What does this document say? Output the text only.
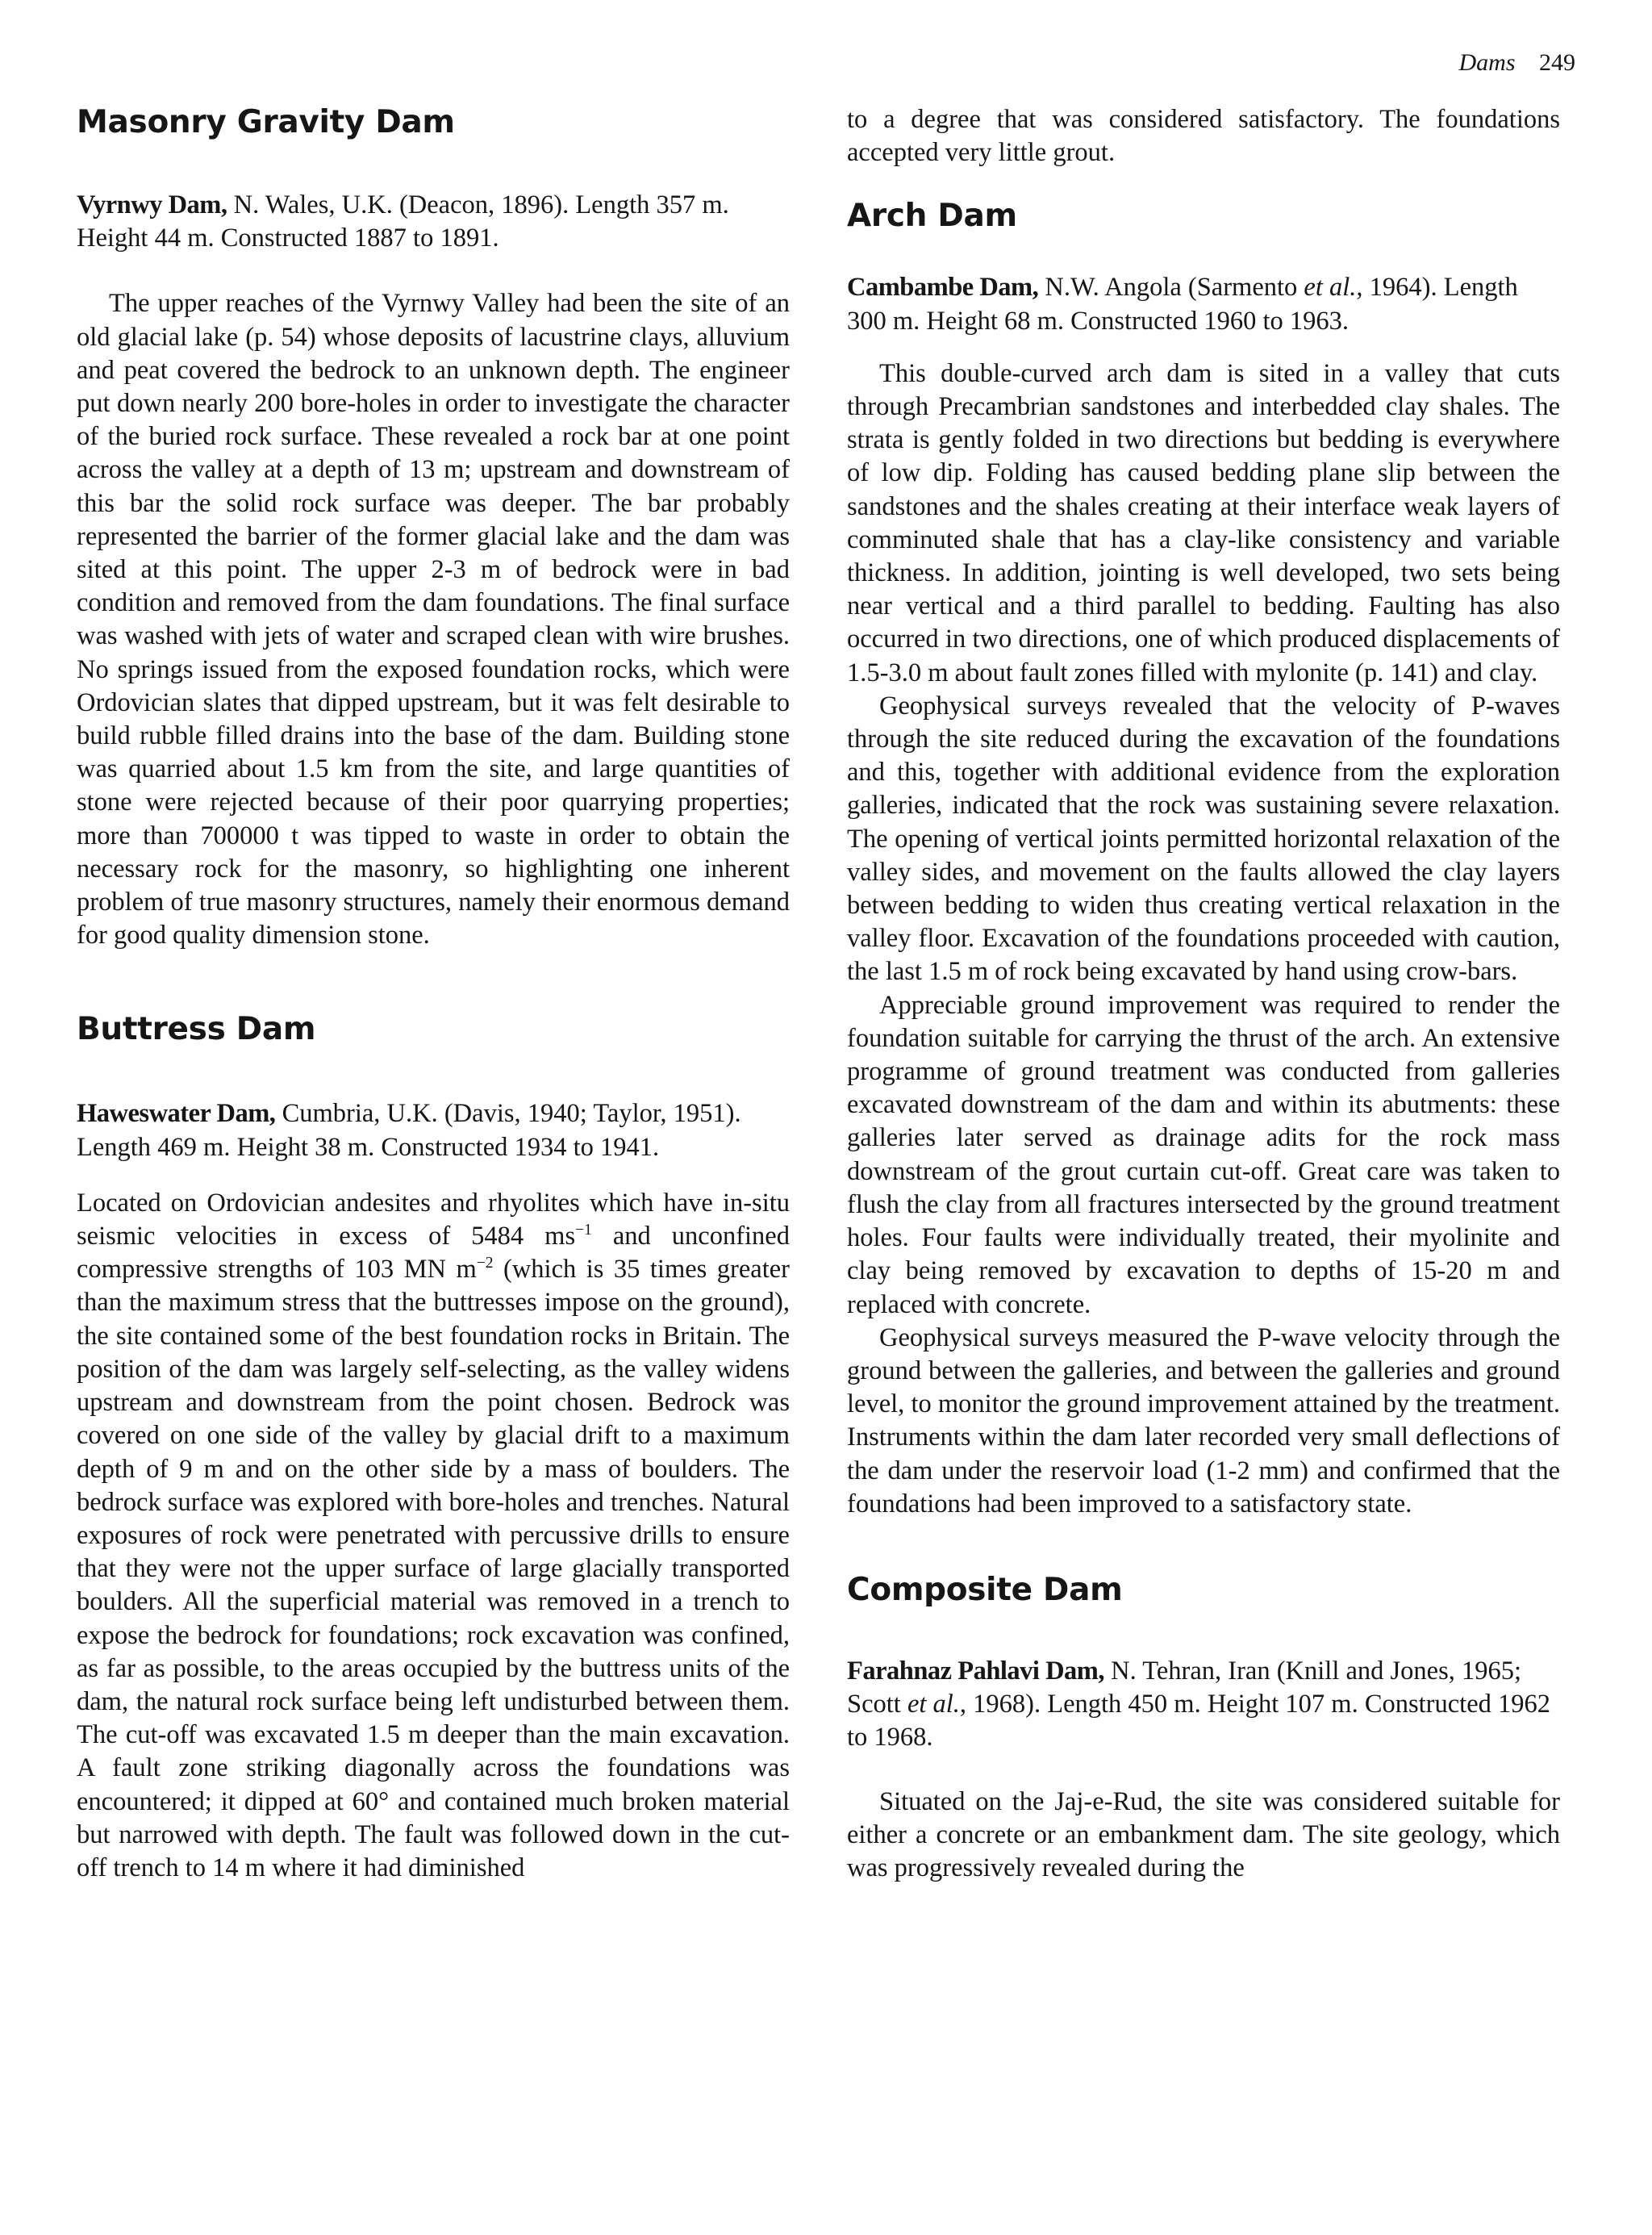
Dams 249
Masonry Gravity Dam

Vyrnwy Dam, N. Wales, U.K. (Deacon, 1896). Length 357 m. Height 44 m. Constructed 1887 to 1891.

The upper reaches of the Vyrnwy Valley had been the site of an old glacial lake (p. 54) whose deposits of lacustrine clays, alluvium and peat covered the bedrock to an unknown depth. The engineer put down nearly 200 bore-holes in order to investigate the character of the buried rock surface. These revealed a rock bar at one point across the valley at a depth of 13 m; upstream and downstream of this bar the solid rock surface was deeper. The bar probably represented the barrier of the former glacial lake and the dam was sited at this point. The upper 2-3 m of bedrock were in bad condition and removed from the dam foundations. The final surface was washed with jets of water and scraped clean with wire brushes. No springs issued from the exposed foundation rocks, which were Ordovician slates that dipped upstream, but it was felt desirable to build rubble filled drains into the base of the dam. Building stone was quarried about 1.5 km from the site, and large quantities of stone were rejected because of their poor quarrying properties; more than 700000 t was tipped to waste in order to obtain the necessary rock for the masonry, so highlighting one inherent problem of true masonry structures, namely their enormous demand for good quality dimension stone.

Buttress Dam

Haweswater Dam, Cumbria, U.K. (Davis, 1940; Taylor, 1951). Length 469 m. Height 38 m. Constructed 1934 to 1941.

Located on Ordovician andesites and rhyolites which have in-situ seismic velocities in excess of 5484 $ms^{-1}$ and unconfined compressive strengths of 103 MN $m^{-2}$ (which is 35 times greater than the maximum stress that the buttresses impose on the ground), the site contained some of the best foundation rocks in Britain. The position of the dam was largely self-selecting, as the valley widens upstream and downstream from the point chosen. Bedrock was covered on one side of the valley by glacial drift to a maximum depth of 9 m and on the other side by a mass of boulders. The bedrock surface was explored with bore-holes and trenches. Natural exposures of rock were penetrated with percussive drills to ensure that they were not the upper surface of large glacially transported boulders. All the superficial material was removed in a trench to expose the bedrock for foundations; rock excavation was confined, as far as possible, to the areas occupied by the buttress units of the dam, the natural rock surface being left undisturbed between them. The cut-off was excavated 1.5 m deeper than the main excavation. A fault zone striking diagonally across the foundations was encountered; it dipped at 60° and contained much broken material but narrowed with depth. The fault was followed down in the cut-off trench to 14 m where it had diminished

to a degree that was considered satisfactory. The foundations accepted very little grout.

Arch Dam

Cambambe Dam, N.W. Angola (Sarmento et al., 1964). Length 300 m. Height 68 m. Constructed 1960 to 1963.

This double-curved arch dam is sited in a valley that cuts through Precambrian sandstones and interbedded clay shales. The strata is gently folded in two directions but bedding is everywhere of low dip. Folding has caused bedding plane slip between the sandstones and the shales creating at their interface weak layers of comminuted shale that has a clay-like consistency and variable thickness. In addition, jointing is well developed, two sets being near vertical and a third parallel to bedding. Faulting has also occurred in two directions, one of which produced displacements of 1.5-3.0 m about fault zones filled with mylonite (p. 141) and clay.

Geophysical surveys revealed that the velocity of P-waves through the site reduced during the excavation of the foundations and this, together with additional evidence from the exploration galleries, indicated that the rock was sustaining severe relaxation. The opening of vertical joints permitted horizontal relaxation of the valley sides, and movement on the faults allowed the clay layers between bedding to widen thus creating vertical relaxation in the valley floor. Excavation of the foundations proceeded with caution, the last 1.5 m of rock being excavated by hand using crow-bars.

Appreciable ground improvement was required to render the foundation suitable for carrying the thrust of the arch. An extensive programme of ground treatment was conducted from galleries excavated downstream of the dam and within its abutments: these galleries later served as drainage adits for the rock mass downstream of the grout curtain cut-off. Great care was taken to flush the clay from all fractures intersected by the ground treatment holes. Four faults were individually treated, their myolinite and clay being removed by excavation to depths of 15-20 m and replaced with concrete.

Geophysical surveys measured the P-wave velocity through the ground between the galleries, and between the galleries and ground level, to monitor the ground improvement attained by the treatment. Instruments within the dam later recorded very small deflections of the dam under the reservoir load (1-2 mm) and confirmed that the foundations had been improved to a satisfactory state.

Composite Dam

Farahnaz Pahlavi Dam, N. Tehran, Iran (Knill and Jones, 1965; Scott et al., 1968). Length 450 m. Height 107 m. Constructed 1962 to 1968.

Situated on the Jaj-e-Rud, the site was considered suitable for either a concrete or an embankment dam. The site geology, which was progressively revealed during the
